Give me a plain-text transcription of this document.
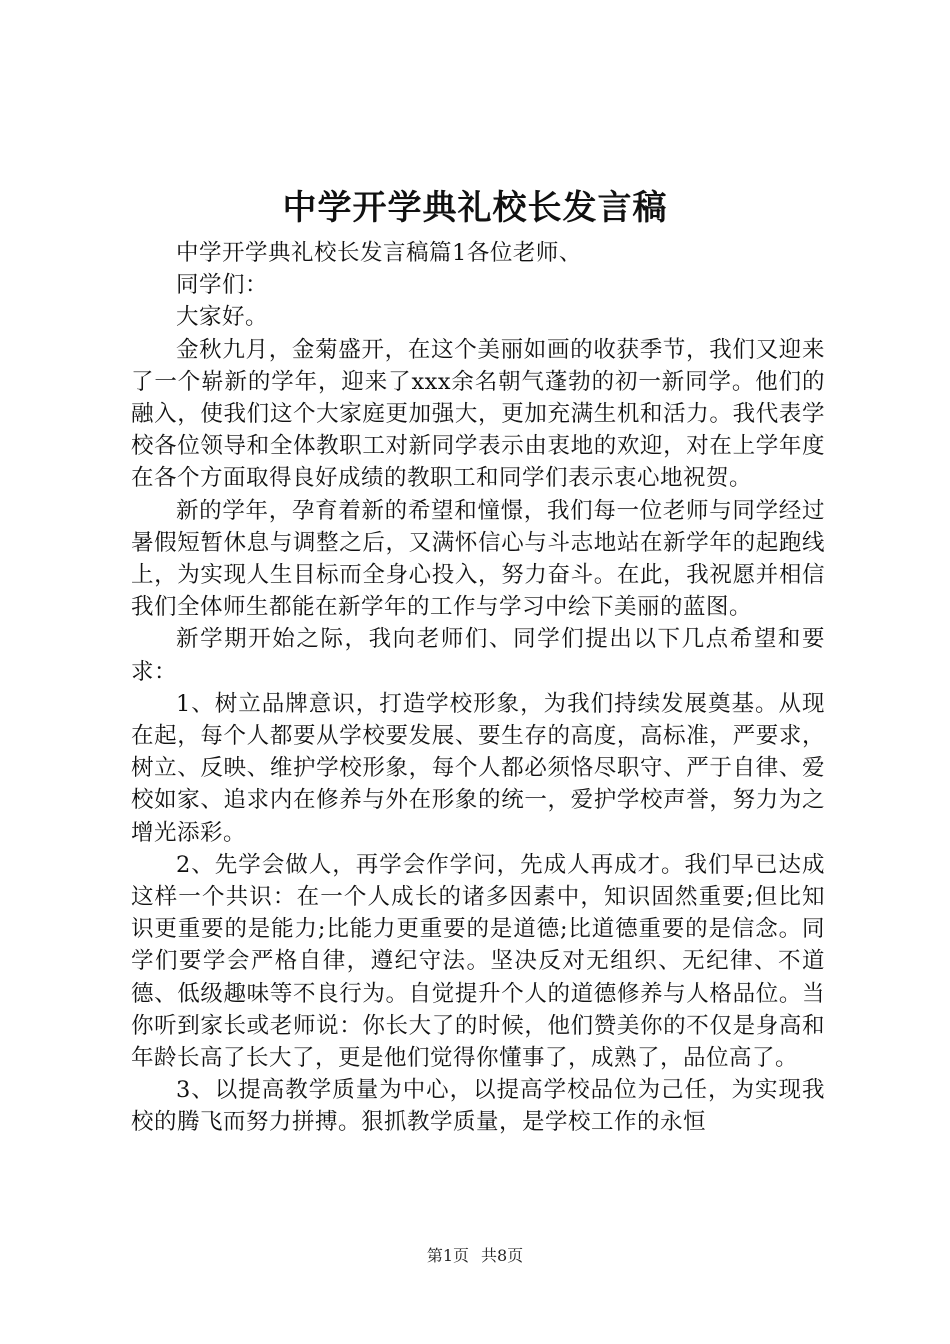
中学开学典礼校长发言稿

中学开学典礼校长发言稿篇1各位老师、

同学们：

大家好。

金秋九月，金菊盛开，在这个美丽如画的收获季节，我们又迎来了一个崭新的学年，迎来了xxx余名朝气蓬勃的初一新同学。他们的融入，使我们这个大家庭更加强大，更加充满生机和活力。我代表学校各位领导和全体教职工对新同学表示由衷地的欢迎，对在上学年度在各个方面取得良好成绩的教职工和同学们表示衷心地祝贺。

新的学年，孕育着新的希望和憧憬，我们每一位老师与同学经过暑假短暂休息与调整之后，又满怀信心与斗志地站在新学年的起跑线上，为实现人生目标而全身心投入，努力奋斗。在此，我祝愿并相信我们全体师生都能在新学年的工作与学习中绘下美丽的蓝图。

新学期开始之际，我向老师们、同学们提出以下几点希望和要求：

1、树立品牌意识，打造学校形象，为我们持续发展奠基。从现在起，每个人都要从学校要发展、要生存的高度，高标准，严要求，树立、反映、维护学校形象，每个人都必须恪尽职守、严于自律、爱校如家、追求内在修养与外在形象的统一，爱护学校声誉，努力为之增光添彩。

2、先学会做人，再学会作学问，先成人再成才。我们早已达成这样一个共识：在一个人成长的诸多因素中，知识固然重要;但比知识更重要的是能力;比能力更重要的是道德;比道德重要的是信念。同学们要学会严格自律，遵纪守法。坚决反对无组织、无纪律、不道德、低级趣味等不良行为。自觉提升个人的道德修养与人格品位。当你听到家长或老师说：你长大了的时候，他们赞美你的不仅是身高和年龄长高了长大了，更是他们觉得你懂事了，成熟了，品位高了。

3、以提高教学质量为中心，以提高学校品位为己任，为实现我校的腾飞而努力拼搏。狠抓教学质量，是学校工作的永恒

第1页 共8页
